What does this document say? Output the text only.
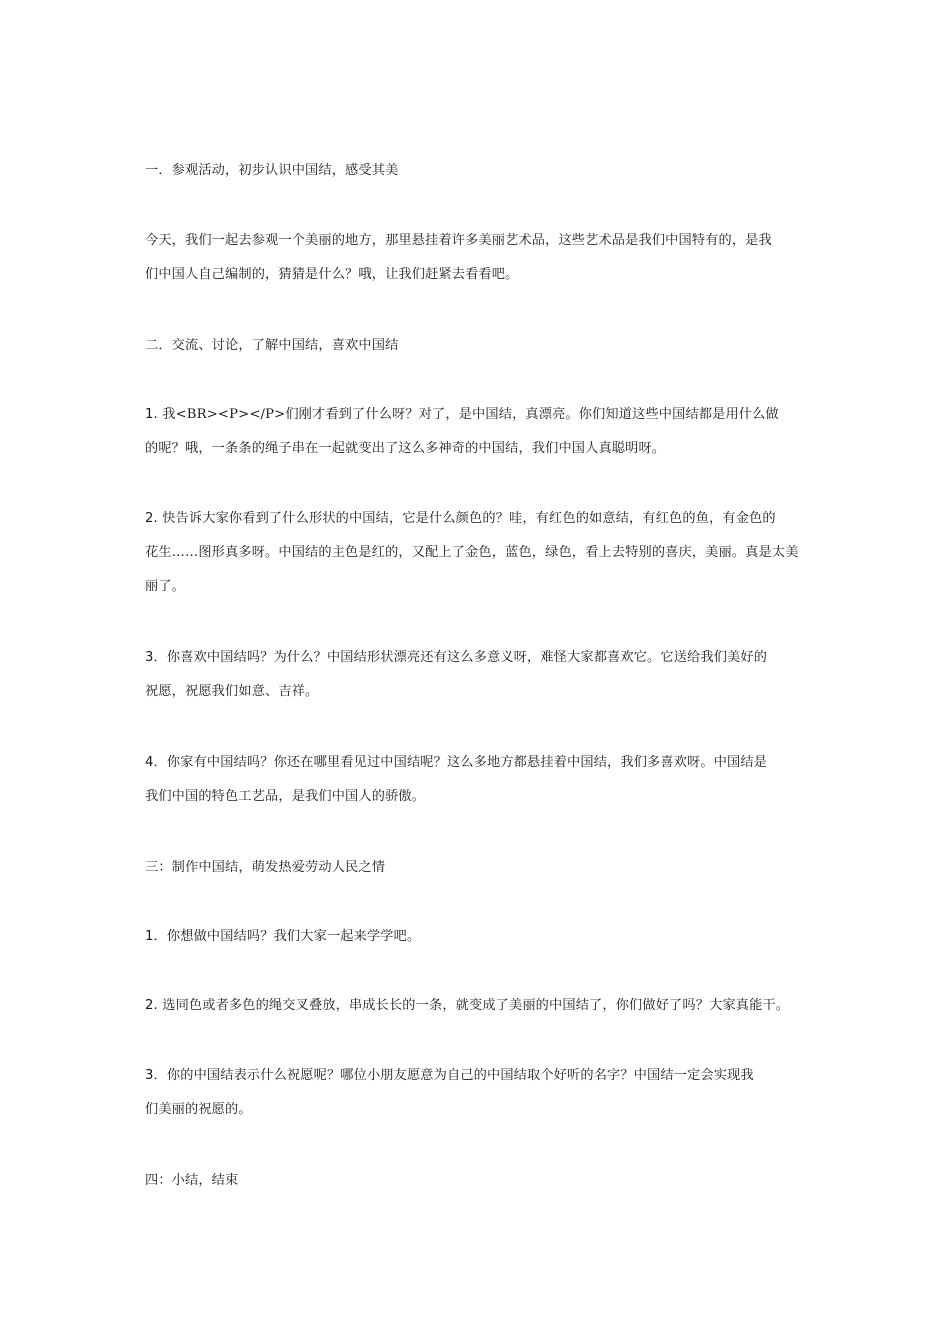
一．参观活动，初步认识中国结，感受其美

今天，我们一起去参观一个美丽的地方，那里悬挂着许多美丽艺术品，这些艺术品是我们中国特有的，是我
们中国人自己编制的，猜猜是什么？哦，让我们赶紧去看看吧。

二．交流、讨论，了解中国结，喜欢中国结

1. 我<BR><P></P>们刚才看到了什么呀？对了，是中国结，真漂亮。你们知道这些中国结都是用什么做
的呢？哦，一条条的绳子串在一起就变出了这么多神奇的中国结，我们中国人真聪明呀。

2. 快告诉大家你看到了什么形状的中国结，它是什么颜色的？哇，有红色的如意结，有红色的鱼，有金色的
花生……图形真多呀。中国结的主色是红的，又配上了金色，蓝色，绿色，看上去特别的喜庆，美丽。真是太美
丽了。

3．你喜欢中国结吗？为什么？中国结形状漂亮还有这么多意义呀，难怪大家都喜欢它。它送给我们美好的
祝愿，祝愿我们如意、吉祥。

4．你家有中国结吗？你还在哪里看见过中国结呢？这么多地方都悬挂着中国结，我们多喜欢呀。中国结是
我们中国的特色工艺品，是我们中国人的骄傲。

三：制作中国结，萌发热爱劳动人民之情

1．你想做中国结吗？我们大家一起来学学吧。

2. 选同色或者多色的绳交叉叠放，串成长长的一条，就变成了美丽的中国结了，你们做好了吗？大家真能干。

3．你的中国结表示什么祝愿呢？哪位小朋友愿意为自己的中国结取个好听的名字？中国结一定会实现我
们美丽的祝愿的。

四：小结，结束
